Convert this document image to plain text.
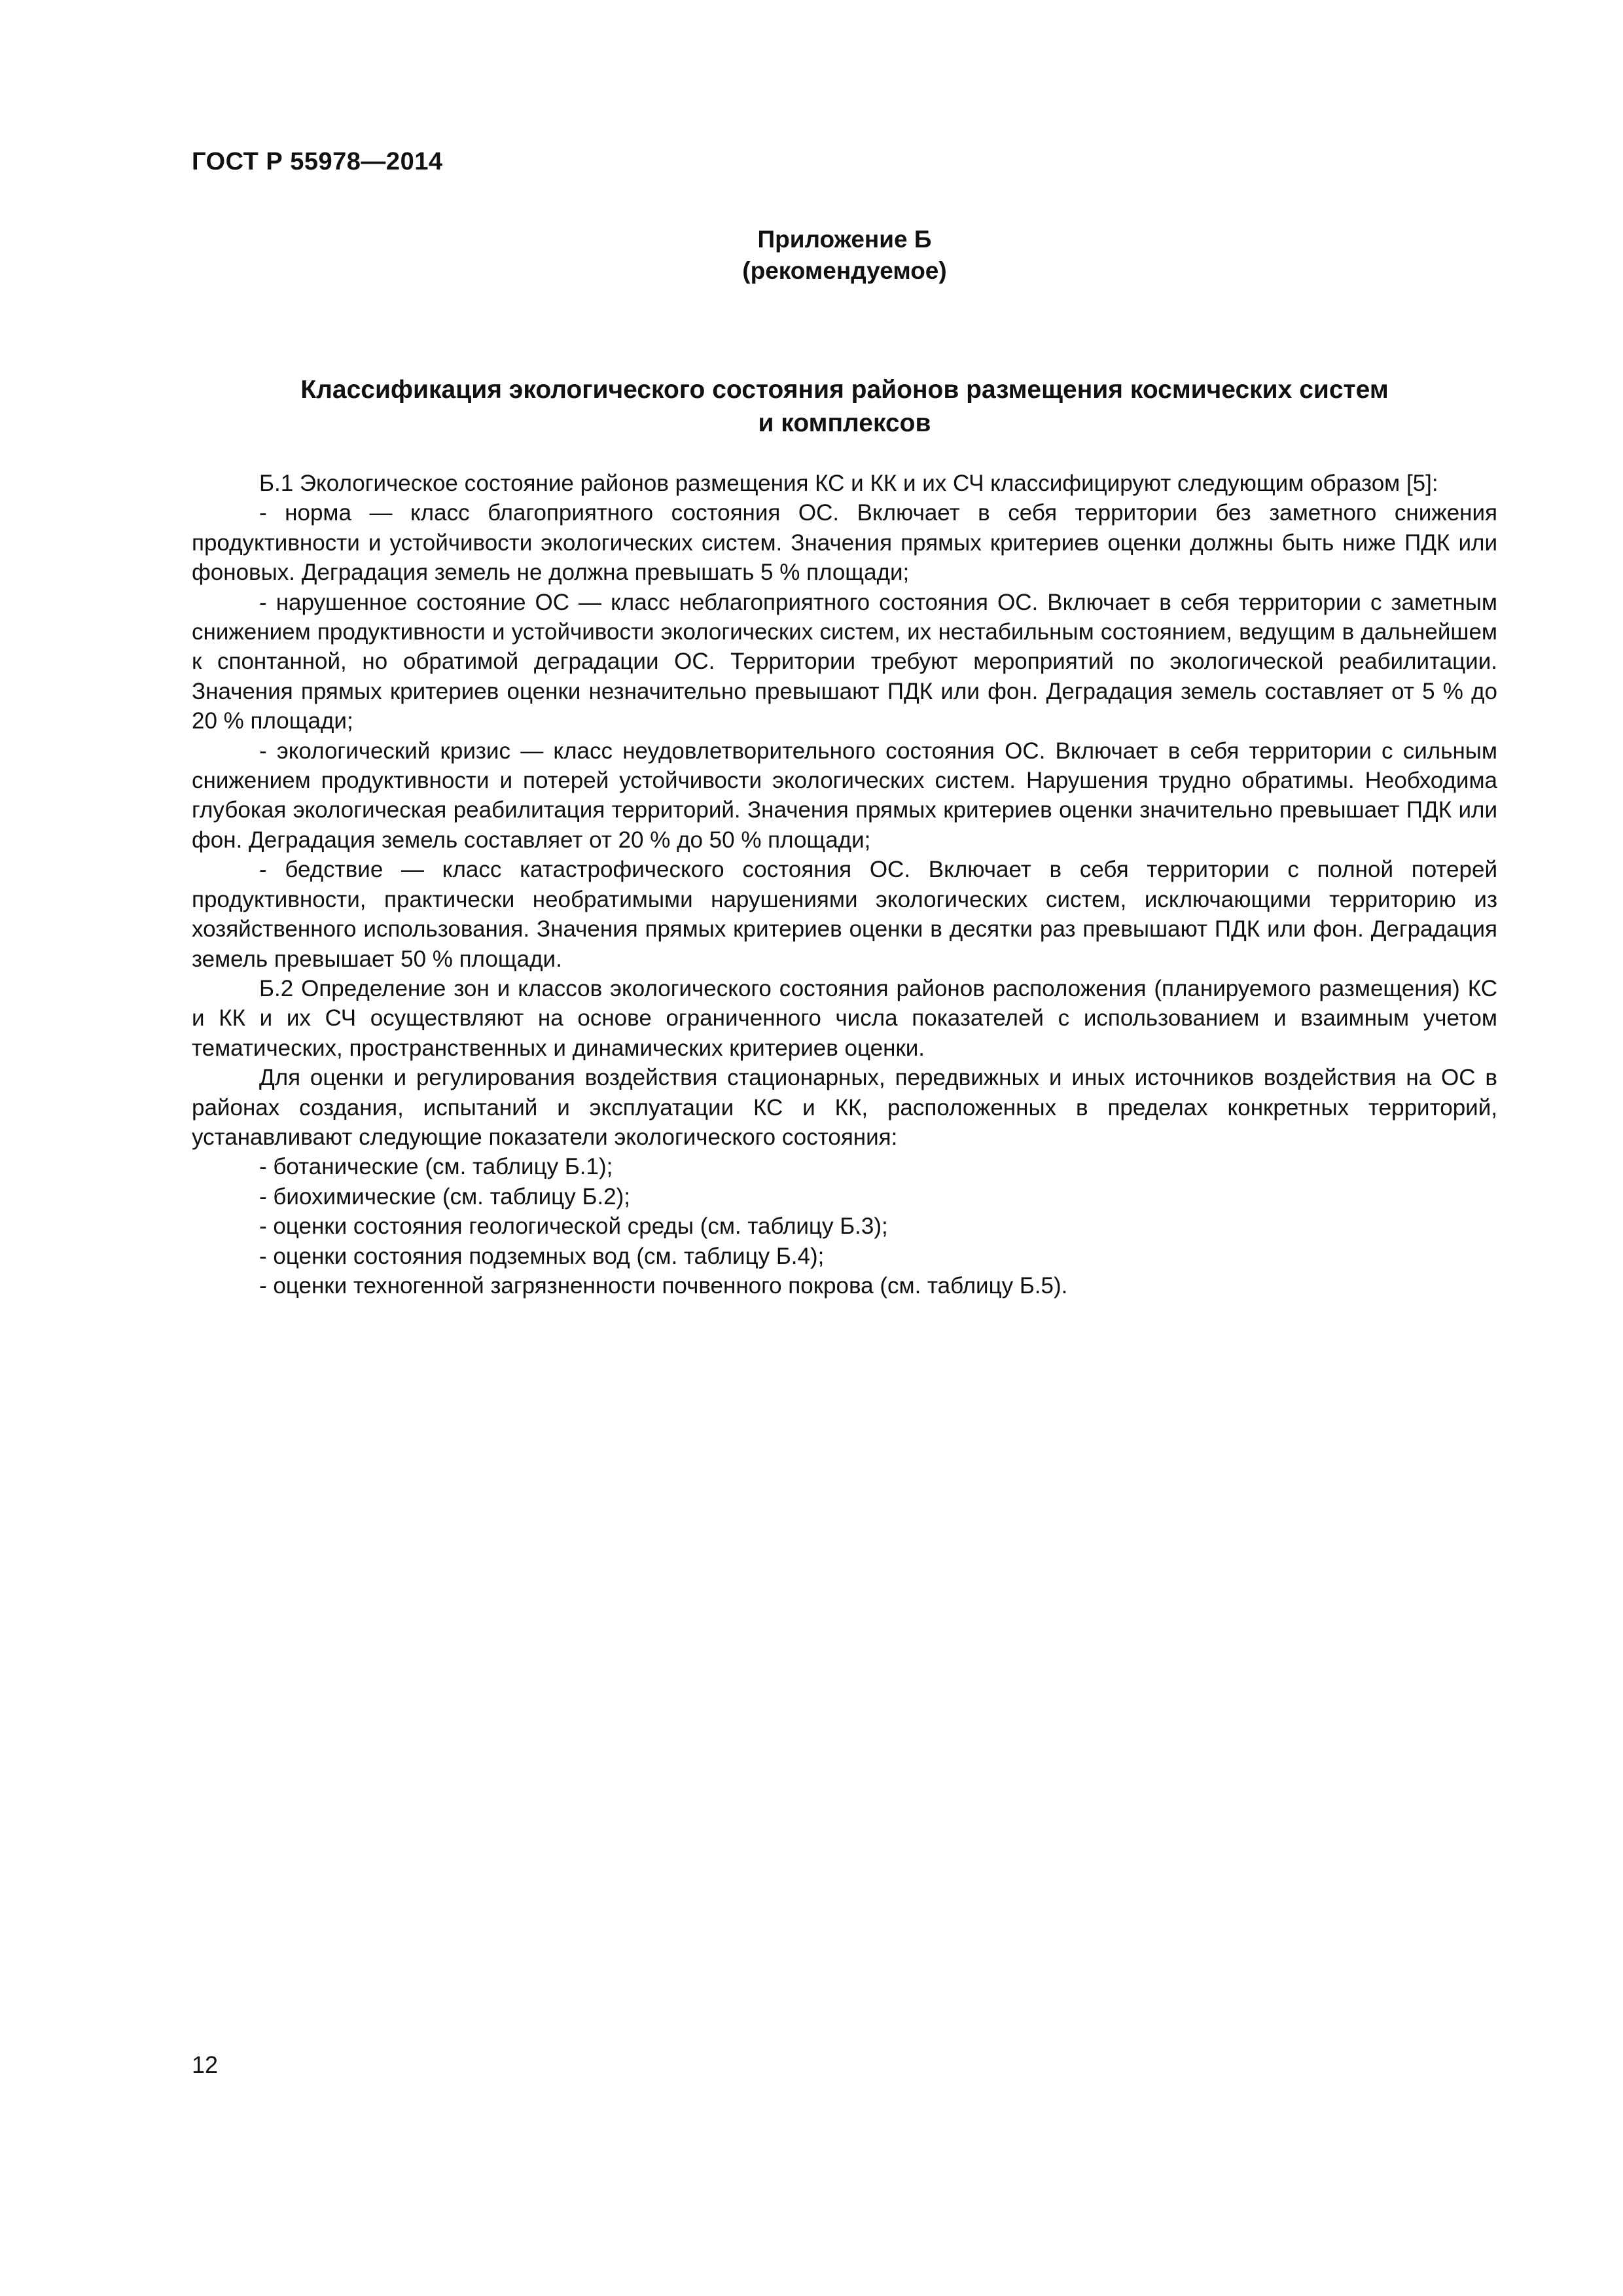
ГОСТ Р 55978—2014
Приложение Б
(рекомендуемое)
Классификация экологического состояния районов размещения космических систем
и комплексов

Б.1 Экологическое состояние районов размещения КС и КК и их СЧ классифицируют следующим образом [5]:

- норма — класс благоприятного состояния ОС. Включает в себя территории без заметного снижения продуктивности и устойчивости экологических систем. Значения прямых критериев оценки должны быть ниже ПДК или фоновых. Деградация земель не должна превышать 5 % площади;

- нарушенное состояние ОС — класс неблагоприятного состояния ОС. Включает в себя территории с заметным снижением продуктивности и устойчивости экологических систем, их нестабильным состоянием, ведущим в дальнейшем к спонтанной, но обратимой деградации ОС. Территории требуют мероприятий по экологической реабилитации. Значения прямых критериев оценки незначительно превышают ПДК или фон. Деградация земель составляет от 5 % до 20 % площади;

- экологический кризис — класс неудовлетворительного состояния ОС. Включает в себя территории с сильным снижением продуктивности и потерей устойчивости экологических систем. Нарушения трудно обратимы. Необходима глубокая экологическая реабилитация территорий. Значения прямых критериев оценки значительно превышает ПДК или фон. Деградация земель составляет от 20 % до 50 % площади;

- бедствие — класс катастрофического состояния ОС. Включает в себя территории с полной потерей продуктивности, практически необратимыми нарушениями экологических систем, исключающими территорию из хозяйственного использования. Значения прямых критериев оценки в десятки раз превышают ПДК или фон. Деградация земель превышает 50 % площади.

Б.2 Определение зон и классов экологического состояния районов расположения (планируемого размещения) КС и КК и их СЧ осуществляют на основе ограниченного числа показателей с использованием и взаимным учетом тематических, пространственных и динамических критериев оценки.

Для оценки и регулирования воздействия стационарных, передвижных и иных источников воздействия на ОС в районах создания, испытаний и эксплуатации КС и КК, расположенных в пределах конкретных территорий, устанавливают следующие показатели экологического состояния:

- ботанические (см. таблицу Б.1);

- биохимические (см. таблицу Б.2);

- оценки состояния геологической среды (см. таблицу Б.3);

- оценки состояния подземных вод (см. таблицу Б.4);

- оценки техногенной загрязненности почвенного покрова (см. таблицу Б.5).

12
